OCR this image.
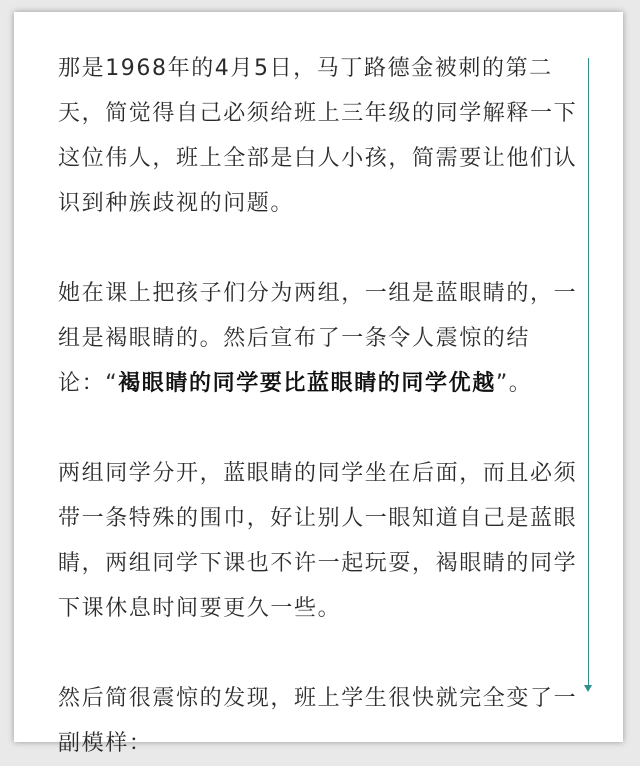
那是1968年的4月5日，马丁路德金被刺的第二天，简觉得自己必须给班上三年级的同学解释一下这位伟人，班上全部是白人小孩，简需要让他们认识到种族歧视的问题。

她在课上把孩子们分为两组，一组是蓝眼睛的，一组是褐眼睛的。然后宣布了一条令人震惊的结论：“褐眼睛的同学要比蓝眼睛的同学优越”。

两组同学分开，蓝眼睛的同学坐在后面，而且必须带一条特殊的围巾，好让别人一眼知道自己是蓝眼睛，两组同学下课也不许一起玩耍，褐眼睛的同学下课休息时间要更久一些。

然后简很震惊的发现，班上学生很快就完全变了一副模样：
